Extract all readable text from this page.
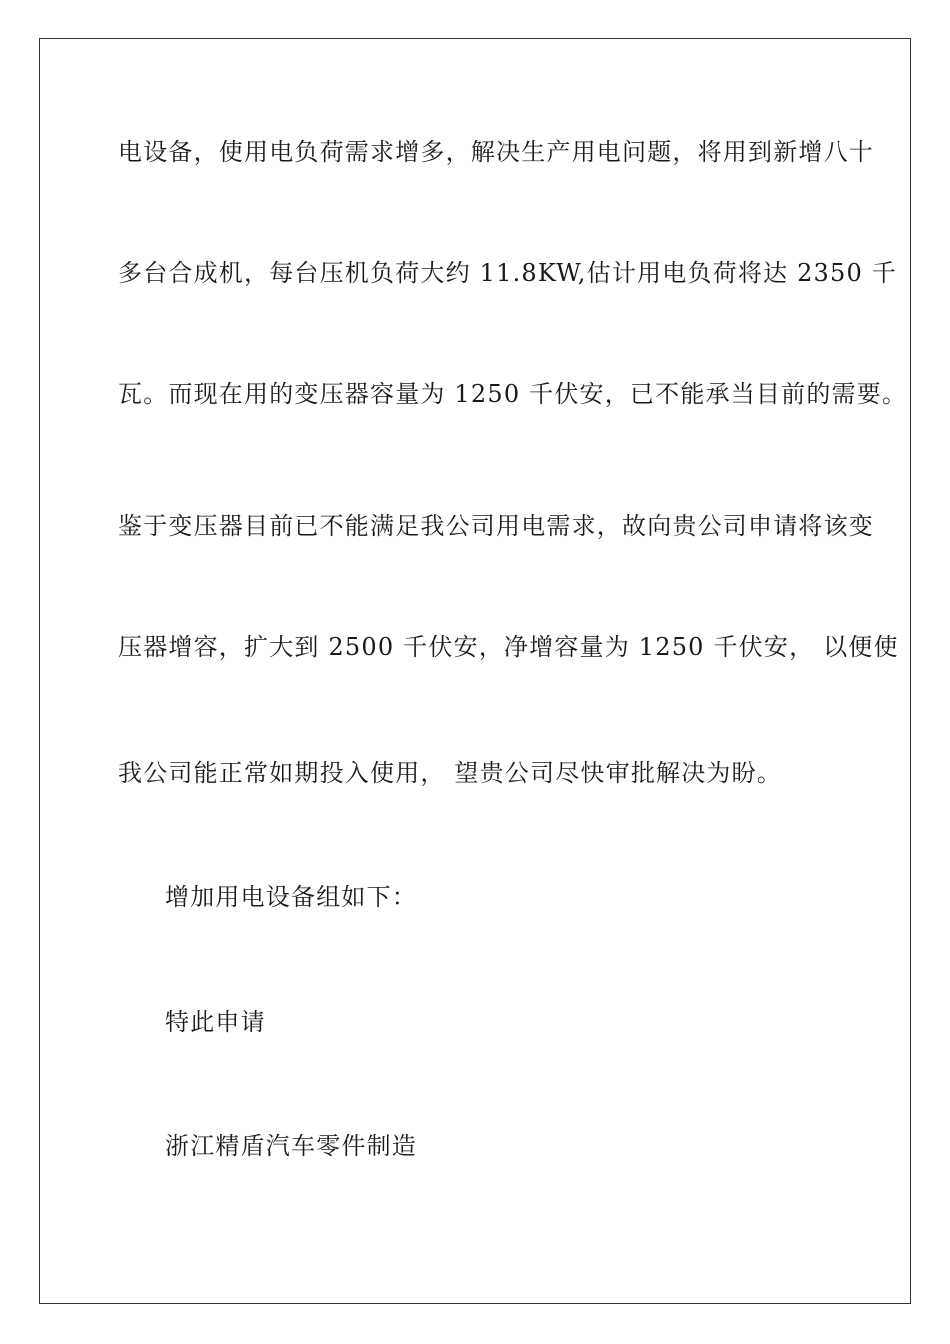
电设备，使用电负荷需求增多，解决生产用电问题，将用到新增八十
多台合成机，每台压机负荷大约 11.8KW,估计用电负荷将达 2350 千
瓦。而现在用的变压器容量为 1250 千伏安，已不能承当目前的需要。
鉴于变压器目前已不能满足我公司用电需求，故向贵公司申请将该变
压器增容，扩大到 2500 千伏安，净增容量为 1250 千伏安， 以便使
我公司能正常如期投入使用， 望贵公司尽快审批解决为盼。
增加用电设备组如下：
特此申请
浙江精盾汽车零件制造
